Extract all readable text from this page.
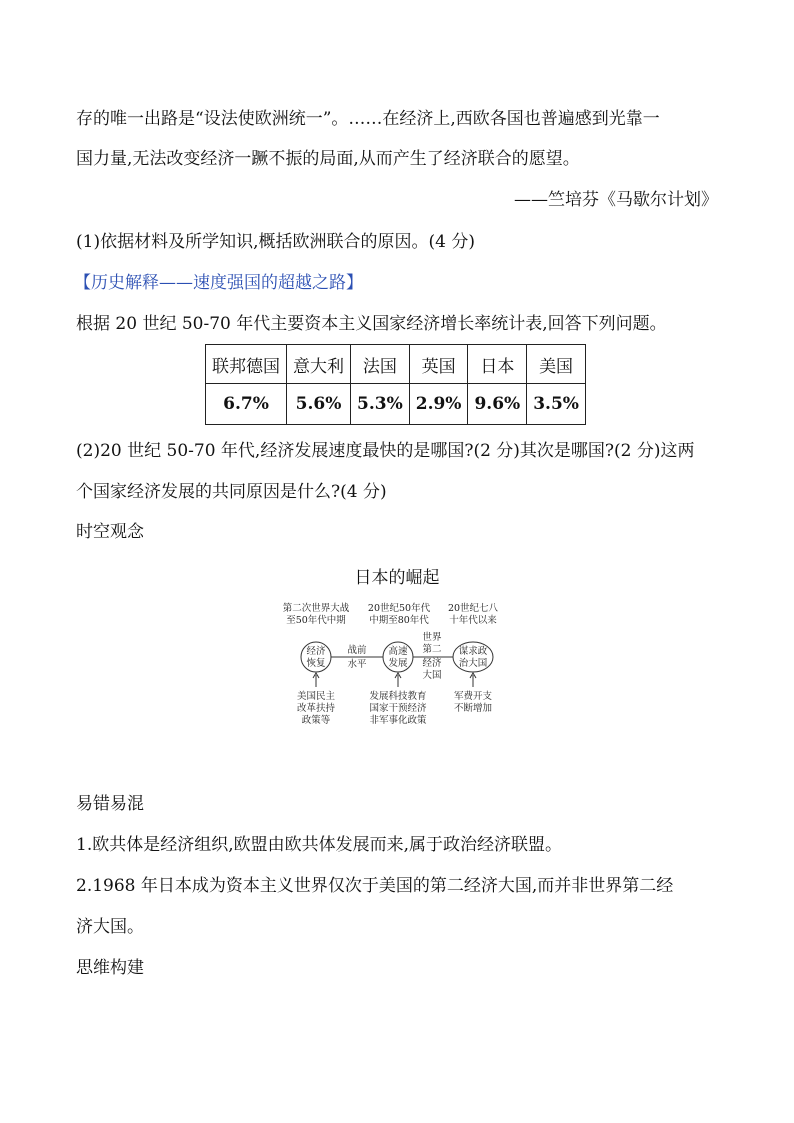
存的唯一出路是“设法使欧洲统一”。……在经济上,西欧各国也普遍感到光靠一
国力量,无法改变经济一蹶不振的局面,从而产生了经济联合的愿望。
——竺培芬《马歇尔计划》
(1)依据材料及所学知识,概括欧洲联合的原因。(4 分)
【历史解释——速度强国的超越之路】
根据 20 世纪 50-70 年代主要资本主义国家经济增长率统计表,回答下列问题。
联邦德国	意大利	法国	英国	日本	美国
6.7%	5.6%	5.3%	2.9%	9.6%	3.5%
(2)20 世纪 50-70 年代,经济发展速度最快的是哪国?(2 分)其次是哪国?(2 分)这两
个国家经济发展的共同原因是什么?(4 分)
时空观念
日本的崛起
第二次世界大战
至50年代中期
20世纪50年代
中期至80年代
20世纪七八
十年代以来
经济
恢复
高速
发展
谋求政
治大国
战前
水平
世界
第二
经济
大国
美国民主
改革扶持
政策等
发展科技教育
国家干预经济
非军事化政策
军费开支
不断增加
易错易混
1.欧共体是经济组织,欧盟由欧共体发展而来,属于政治经济联盟。
2.1968 年日本成为资本主义世界仅次于美国的第二经济大国,而并非世界第二经
济大国。
思维构建
